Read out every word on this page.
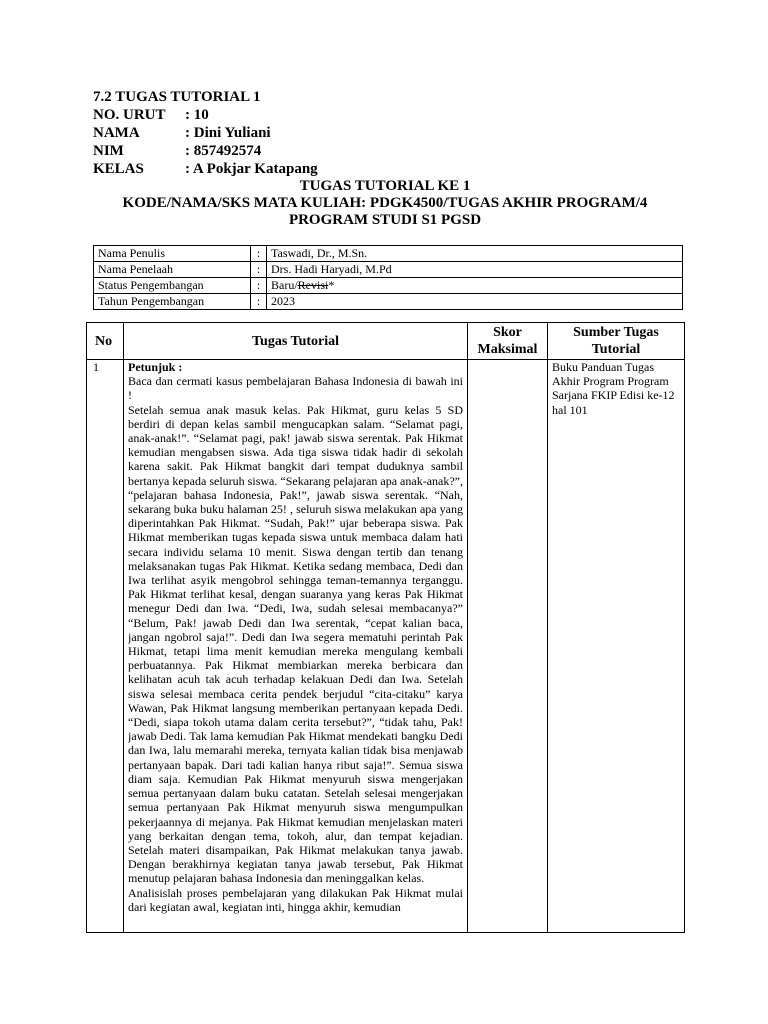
7.2 TUGAS TUTORIAL 1
NO. URUT : 10
NAMA	: Dini Yuliani
NIM	: 857492574
KELAS	: A Pokjar Katapang
TUGAS TUTORIAL KE 1
KODE/NAMA/SKS MATA KULIAH: PDGK4500/TUGAS AKHIR PROGRAM/4
PROGRAM STUDI S1 PGSD
Nama Penulis	:	Taswadi, Dr., M.Sn.
Nama Penelaah	:	Drs. Hadi Haryadi, M.Pd
Status Pengembangan	:	Baru/Revisi*
Tahun Pengembangan	:	2023
No	Tugas Tutorial	Skor Maksimal	Sumber Tugas Tutorial
1	Petunjuk :

Baca dan cermati kasus pembelajaran Bahasa Indonesia di bawah ini !

Setelah semua anak masuk kelas. Pak Hikmat, guru kelas 5 SD berdiri di depan kelas sambil mengucapkan salam. “Selamat pagi, anak-anak!”. “Selamat pagi, pak! jawab siswa serentak. Pak Hikmat kemudian mengabsen siswa. Ada tiga siswa tidak hadir di sekolah karena sakit. Pak Hikmat bangkit dari tempat duduknya sambil bertanya kepada seluruh siswa. “Sekarang pelajaran apa anak-anak?”, “pelajaran bahasa Indonesia, Pak!”, jawab siswa serentak. “Nah, sekarang buka buku halaman 25! , seluruh siswa melakukan apa yang diperintahkan Pak Hikmat. “Sudah, Pak!” ujar beberapa siswa. Pak Hikmat memberikan tugas kepada siswa untuk membaca dalam hati secara individu selama 10 menit. Siswa dengan tertib dan tenang melaksanakan tugas Pak Hikmat. Ketika sedang membaca, Dedi dan Iwa terlihat asyik mengobrol sehingga teman-temannya terganggu. Pak Hikmat terlihat kesal, dengan suaranya yang keras Pak Hikmat menegur Dedi dan Iwa. “Dedi, Iwa, sudah selesai membacanya?” “Belum, Pak! jawab Dedi dan Iwa serentak, “cepat kalian baca, jangan ngobrol saja!”. Dedi dan Iwa segera mematuhi perintah Pak Hikmat, tetapi lima menit kemudian mereka mengulang kembali perbuatannya. Pak Hikmat membiarkan mereka berbicara dan kelihatan acuh tak acuh terhadap kelakuan Dedi dan Iwa. Setelah siswa selesai membaca cerita pendek berjudul “cita-citaku” karya Wawan, Pak Hikmat langsung memberikan pertanyaan kepada Dedi. “Dedi, siapa tokoh utama dalam cerita tersebut?”, “tidak tahu, Pak! jawab Dedi. Tak lama kemudian Pak Hikmat mendekati bangku Dedi dan Iwa, lalu memarahi mereka, ternyata kalian tidak bisa menjawab pertanyaan bapak. Dari tadi kalian hanya ribut saja!”. Semua siswa diam saja. Kemudian Pak Hikmat menyuruh siswa mengerjakan semua pertanyaan dalam buku catatan. Setelah selesai mengerjakan semua pertanyaan Pak Hikmat menyuruh siswa mengumpulkan pekerjaannya di mejanya. Pak Hikmat kemudian menjelaskan materi yang berkaitan dengan tema, tokoh, alur, dan tempat kejadian. Setelah materi disampaikan, Pak Hikmat melakukan tanya jawab. Dengan berakhirnya kegiatan tanya jawab tersebut, Pak Hikmat menutup pelajaran bahasa Indonesia dan meninggalkan kelas.

Analisislah proses pembelajaran yang dilakukan Pak Hikmat mulai dari kegiatan awal, kegiatan inti, hingga akhir, kemudian		Buku Panduan Tugas Akhir Program Program Sarjana FKIP Edisi ke-12 hal 101
